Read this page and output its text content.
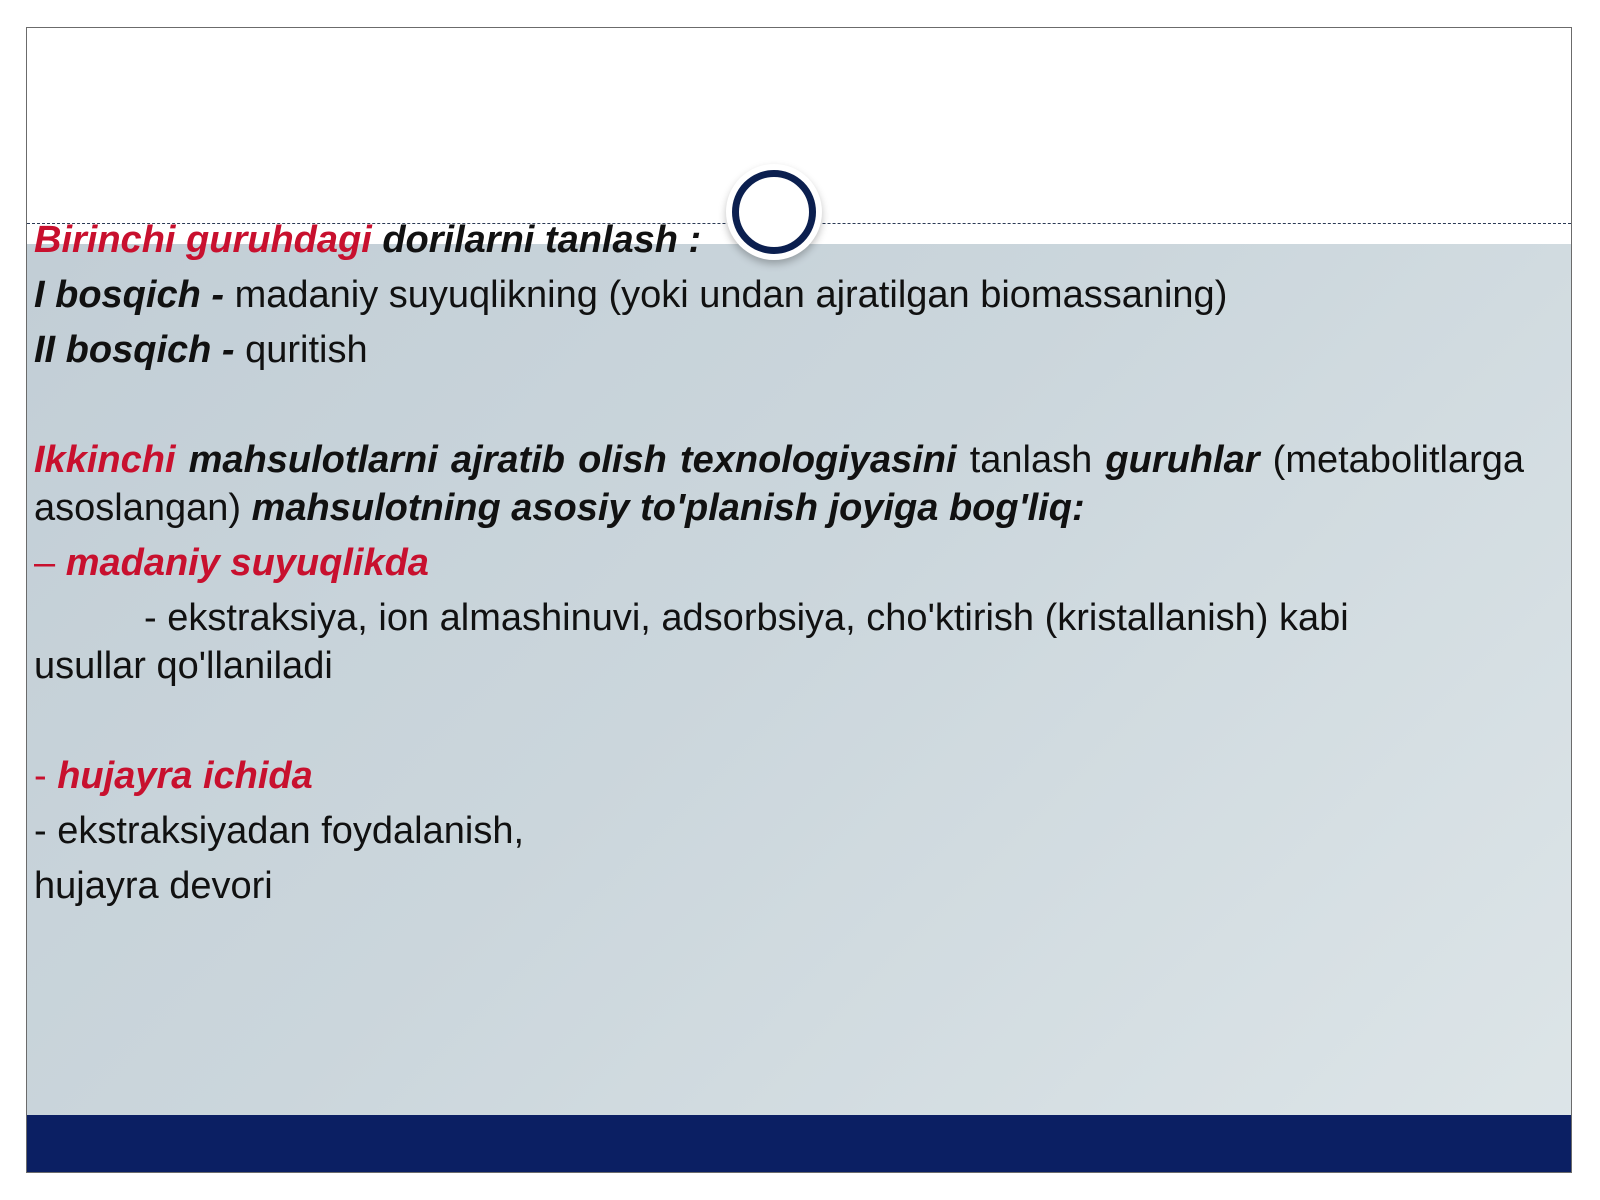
Birinchi guruhdagi dorilarni tanlash :

I bosqich - madaniy suyuqlikning (yoki undan ajratilgan biomassaning)

II bosqich - quritish

Ikkinchi mahsulotlarni ajratib olish texnologiyasini tanlash guruhlar (metabolitlarga asoslangan) mahsulotning asosiy to'planish joyiga bog'liq:

– madaniy suyuqlikda

- ekstraksiya, ion almashinuvi, adsorbsiya, cho'ktirish (kristallanish) kabi

usullar qo'llaniladi

- hujayra ichida

- ekstraksiyadan foydalanish,

hujayra devori
